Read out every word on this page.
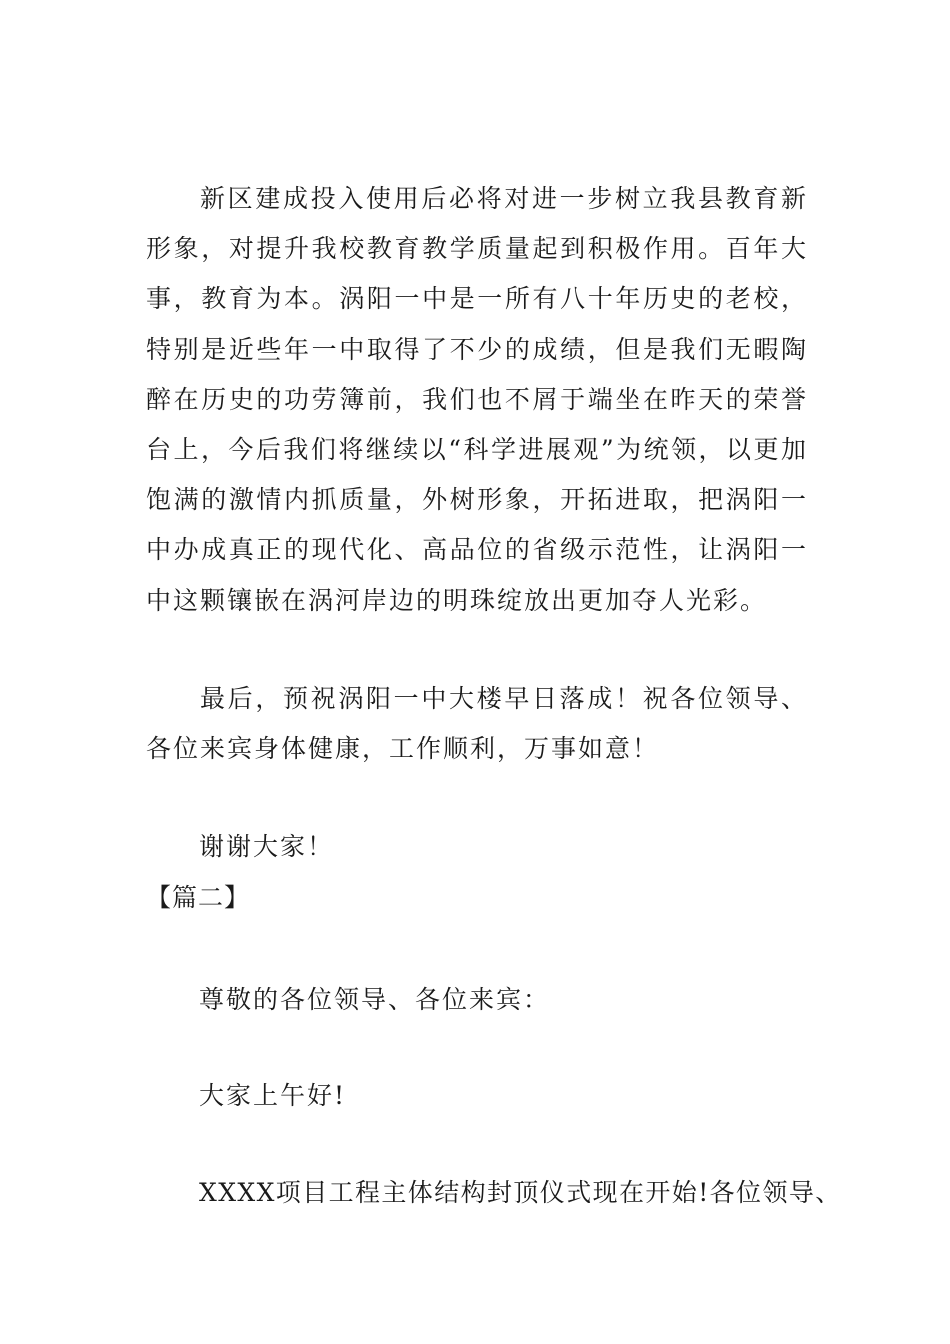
新区建成投入使用后必将对进一步树立我县教育新形象，对提升我校教育教学质量起到积极作用。百年大事，教育为本。涡阳一中是一所有八十年历史的老校，特别是近些年一中取得了不少的成绩，但是我们无暇陶醉在历史的功劳簿前，我们也不屑于端坐在昨天的荣誉台上，今后我们将继续以“科学进展观”为统领，以更加饱满的激情内抓质量，外树形象，开拓进取，把涡阳一中办成真正的现代化、高品位的省级示范性，让涡阳一中这颗镶嵌在涡河岸边的明珠绽放出更加夺人光彩。

最后，预祝涡阳一中大楼早日落成！祝各位领导、各位来宾身体健康，工作顺利，万事如意！

谢谢大家！

【篇二】

尊敬的各位领导、各位来宾：

大家上午好!

XXXX项目工程主体结构封顶仪式现在开始!各位领导、
